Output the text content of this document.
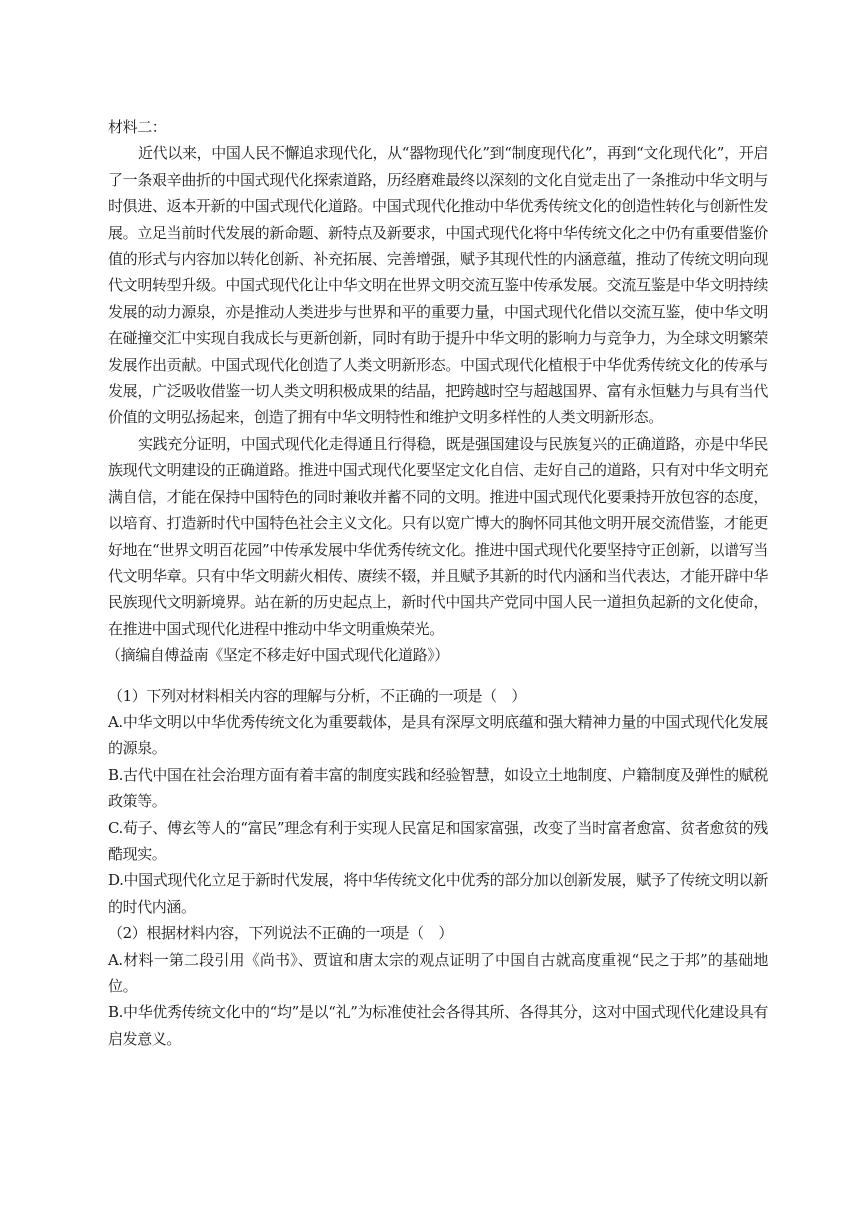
材料二：

近代以来，中国人民不懈追求现代化，从“器物现代化”到“制度现代化”，再到“文化现代化”，开启了一条艰辛曲折的中国式现代化探索道路，历经磨难最终以深刻的文化自觉走出了一条推动中华文明与时俱进、返本开新的中国式现代化道路。中国式现代化推动中华优秀传统文化的创造性转化与创新性发展。立足当前时代发展的新命题、新特点及新要求，中国式现代化将中华传统文化之中仍有重要借鉴价值的形式与内容加以转化创新、补充拓展、完善增强，赋予其现代性的内涵意蕴，推动了传统文明向现代文明转型升级。中国式现代化让中华文明在世界文明交流互鉴中传承发展。交流互鉴是中华文明持续发展的动力源泉，亦是推动人类进步与世界和平的重要力量，中国式现代化借以交流互鉴，使中华文明在碰撞交汇中实现自我成长与更新创新，同时有助于提升中华文明的影响力与竞争力，为全球文明繁荣发展作出贡献。中国式现代化创造了人类文明新形态。中国式现代化植根于中华优秀传统文化的传承与发展，广泛吸收借鉴一切人类文明积极成果的结晶，把跨越时空与超越国界、富有永恒魅力与具有当代价值的文明弘扬起来，创造了拥有中华文明特性和维护文明多样性的人类文明新形态。

实践充分证明，中国式现代化走得通且行得稳，既是强国建设与民族复兴的正确道路，亦是中华民族现代文明建设的正确道路。推进中国式现代化要坚定文化自信、走好自己的道路，只有对中华文明充满自信，才能在保持中国特色的同时兼收并蓄不同的文明。推进中国式现代化要秉持开放包容的态度，以培育、打造新时代中国特色社会主义文化。只有以宽广博大的胸怀同其他文明开展交流借鉴，才能更好地在“世界文明百花园”中传承发展中华优秀传统文化。推进中国式现代化要坚持守正创新，以谱写当代文明华章。只有中华文明薪火相传、赓续不辍，并且赋予其新的时代内涵和当代表达，才能开辟中华民族现代文明新境界。站在新的历史起点上，新时代中国共产党同中国人民一道担负起新的文化使命，在推进中国式现代化进程中推动中华文明重焕荣光。

（摘编自傅益南《坚定不移走好中国式现代化道路》）

（1）下列对材料相关内容的理解与分析，不正确的一项是（　）

A.中华文明以中华优秀传统文化为重要载体，是具有深厚文明底蕴和强大精神力量的中国式现代化发展的源泉。

B.古代中国在社会治理方面有着丰富的制度实践和经验智慧，如设立土地制度、户籍制度及弹性的赋税政策等。

C.荀子、傅玄等人的“富民”理念有利于实现人民富足和国家富强，改变了当时富者愈富、贫者愈贫的残酷现实。

D.中国式现代化立足于新时代发展，将中华传统文化中优秀的部分加以创新发展，赋予了传统文明以新的时代内涵。

（2）根据材料内容，下列说法不正确的一项是（　）

A.材料一第二段引用《尚书》、贾谊和唐太宗的观点证明了中国自古就高度重视“民之于邦”的基础地位。

B.中华优秀传统文化中的“均”是以“礼”为标准使社会各得其所、各得其分，这对中国式现代化建设具有启发意义。
